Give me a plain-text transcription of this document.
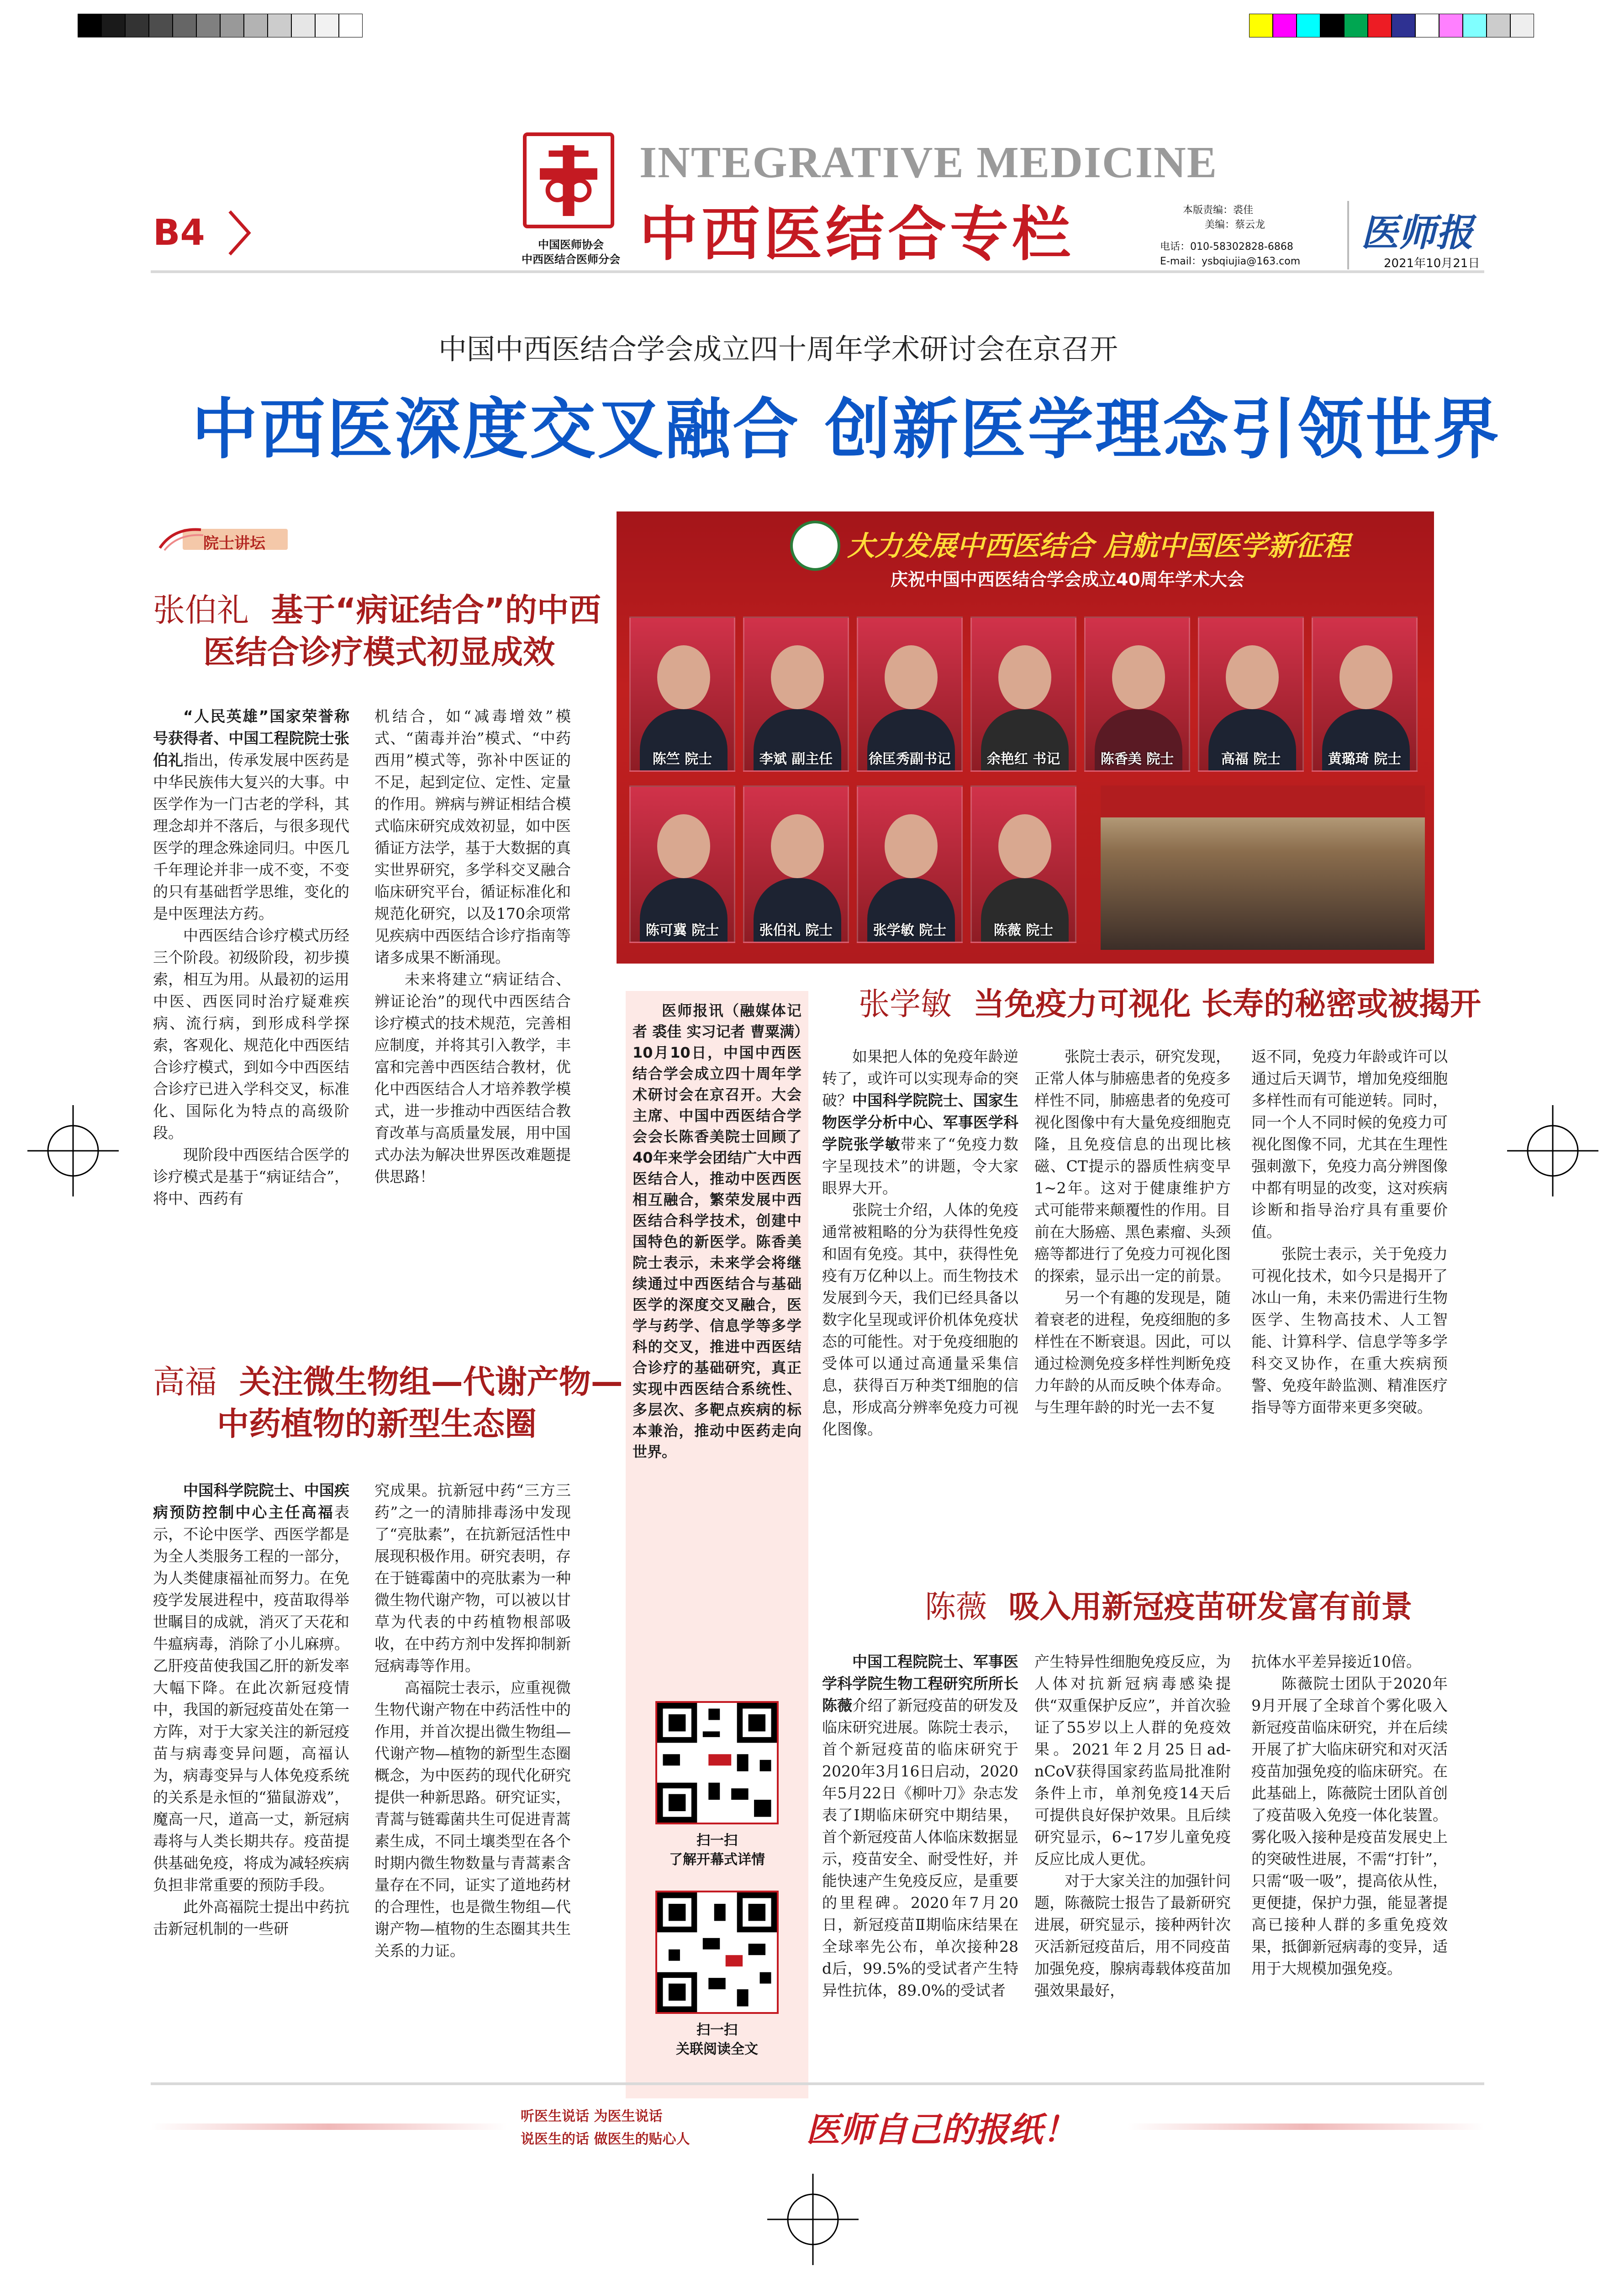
B4	中国医师协会
中西医结合医师分会
INTEGRATIVE MEDICINE
中西医结合专栏	本版责编：裘佳
美编：蔡云龙
电话：010-58302828-6868
E-mail：ysbqiujia@163.com
医师报
2021年10月21日
中国中西医结合学会成立四十周年学术研讨会在京召开
中西医深度交叉融合 创新医学理念引领世界
院士讲坛
张伯礼 基于“病证结合”的中西
医结合诊疗模式初显成效

“人民英雄”国家荣誉称号获得者、中国工程院院士张伯礼指出，传承发展中医药是中华民族伟大复兴的大事。中医学作为一门古老的学科，其理念却并不落后，与很多现代医学的理念殊途同归。中医几千年理论并非一成不变，不变的只有基础哲学思维，变化的是中医理法方药。

中西医结合诊疗模式历经三个阶段。初级阶段，初步摸索，相互为用。从最初的运用中医、西医同时治疗疑难疾病、流行病，到形成科学探索，客观化、规范化中西医结合诊疗模式，到如今中西医结合诊疗已进入学科交叉，标准化、国际化为特点的高级阶段。

现阶段中西医结合医学的诊疗模式是基于“病证结合”，将中、西药有

机结合，如“减毒增效”模式、“菌毒并治”模式、“中药西用”模式等，弥补中医证的不足，起到定位、定性、定量的作用。辨病与辨证相结合模式临床研究成效初显，如中医循证方法学，基于大数据的真实世界研究，多学科交叉融合临床研究平台，循证标准化和规范化研究，以及170余项常见疾病中西医结合诊疗指南等诸多成果不断涌现。

未来将建立“病证结合、辨证论治”的现代中西医结合诊疗模式的技术规范，完善相应制度，并将其引入教学，丰富和完善中西医结合教材，优化中西医结合人才培养教学模式，进一步推动中西医结合教育改革与高质量发展，用中国式办法为解决世界医改难题提供思路！

高福 关注微生物组—代谢产物—
中药植物的新型生态圈

中国科学院院士、中国疾病预防控制中心主任高福表示，不论中医学、西医学都是为全人类服务工程的一部分，为人类健康福祉而努力。在免疫学发展进程中，疫苗取得举世瞩目的成就，消灭了天花和牛瘟病毒，消除了小儿麻痹。乙肝疫苗使我国乙肝的新发率大幅下降。在此次新冠疫情中，我国的新冠疫苗处在第一方阵，对于大家关注的新冠疫苗与病毒变异问题，高福认为，病毒变异与人体免疫系统的关系是永恒的“猫鼠游戏”，魔高一尺，道高一丈，新冠病毒将与人类长期共存。疫苗提供基础免疫，将成为减轻疾病负担非常重要的预防手段。

此外高福院士提出中药抗击新冠机制的一些研

究成果。抗新冠中药“三方三药”之一的清肺排毒汤中发现了“亮肽素”，在抗新冠活性中展现积极作用。研究表明，存在于链霉菌中的亮肽素为一种微生物代谢产物，可以被以甘草为代表的中药植物根部吸收，在中药方剂中发挥抑制新冠病毒等作用。

高福院士表示，应重视微生物代谢产物在中药活性中的作用，并首次提出微生物组—代谢产物—植物的新型生态圈概念，为中医药的现代化研究提供一种新思路。研究证实，青蒿与链霉菌共生可促进青蒿素生成，不同土壤类型在各个时期内微生物数量与青蒿素含量存在不同，证实了道地药材的合理性，也是微生物组—代谢产物—植物的生态圈其共生关系的力证。

大力发展中西医结合 启航中国医学新征程
庆祝中国中西医结合学会成立40周年学术大会
陈竺 院士	李斌 副主任	徐匡秀副书记	余艳红 书记	陈香美 院士	高福 院士	黄璐琦 院士
陈可冀 院士	张伯礼 院士	张学敏 院士	陈薇 院士
医师报讯（融媒体记者 裘佳 实习记者 曹粟满）10月10日，中国中西医结合学会成立四十周年学术研讨会在京召开。大会主席、中国中西医结合学会会长陈香美院士回顾了40年来学会团结广大中西医结合人，推动中医西医相互融合，繁荣发展中西医结合科学技术，创建中国特色的新医学。陈香美院士表示，未来学会将继续通过中西医结合与基础医学的深度交叉融合，医学与药学、信息学等多学科的交叉，推进中西医结合诊疗的基础研究，真正实现中西医结合系统性、多层次、多靶点疾病的标本兼治，推动中医药走向世界。
扫一扫
了解开幕式详情
扫一扫
关联阅读全文
张学敏 当免疫力可视化 长寿的秘密或被揭开

如果把人体的免疫年龄逆转了，或许可以实现寿命的突破？中国科学院院士、国家生物医学分析中心、军事医学科学院张学敏带来了“免疫力数字呈现技术”的讲题，令大家眼界大开。

张院士介绍，人体的免疫通常被粗略的分为获得性免疫和固有免疫。其中，获得性免疫有万亿种以上。而生物技术发展到今天，我们已经具备以数字化呈现或评价机体免疫状态的可能性。对于免疫细胞的受体可以通过高通量采集信息，获得百万种类T细胞的信息，形成高分辨率免疫力可视化图像。

张院士表示，研究发现，正常人体与肺癌患者的免疫多样性不同，肺癌患者的免疫可视化图像中有大量免疫细胞克隆，且免疫信息的出现比核磁、CT提示的器质性病变早1~2年。这对于健康维护方式可能带来颠覆性的作用。目前在大肠癌、黑色素瘤、头颈癌等都进行了免疫力可视化图的探索，显示出一定的前景。

另一个有趣的发现是，随着衰老的进程，免疫细胞的多样性在不断衰退。因此，可以通过检测免疫多样性判断免疫力年龄的从而反映个体寿命。与生理年龄的时光一去不复

返不同，免疫力年龄或许可以通过后天调节，增加免疫细胞多样性而有可能逆转。同时，同一个人不同时候的免疫力可视化图像不同，尤其在生理性强刺激下，免疫力高分辨图像中都有明显的改变，这对疾病诊断和指导治疗具有重要价值。

张院士表示，关于免疫力可视化技术，如今只是揭开了冰山一角，未来仍需进行生物医学、生物高技术、人工智能、计算科学、信息学等多学科交叉协作，在重大疾病预警、免疫年龄监测、精准医疗指导等方面带来更多突破。

陈薇 吸入用新冠疫苗研发富有前景

中国工程院院士、军事医学科学院生物工程研究所所长陈薇介绍了新冠疫苗的研发及临床研究进展。陈院士表示，首个新冠疫苗的临床研究于2020年3月16日启动，2020年5月22日《柳叶刀》杂志发表了Ⅰ期临床研究中期结果，首个新冠疫苗人体临床数据显示，疫苗安全、耐受性好，并能快速产生免疫反应，是重要的里程碑。2020年7月20日，新冠疫苗Ⅱ期临床结果在全球率先公布，单次接种28 d后，99.5%的受试者产生特异性抗体，89.0%的受试者

产生特异性细胞免疫反应，为人体对抗新冠病毒感染提供“双重保护反应”，并首次验证了55岁以上人群的免疫效果。2021年2月25日ad-nCoV获得国家药监局批准附条件上市，单剂免疫14天后可提供良好保护效果。且后续研究显示，6~17岁儿童免疫反应比成人更优。

对于大家关注的加强针问题，陈薇院士报告了最新研究进展，研究显示，接种两针次灭活新冠疫苗后，用不同疫苗加强免疫，腺病毒载体疫苗加强效果最好，

抗体水平差异接近10倍。

陈薇院士团队于2020年9月开展了全球首个雾化吸入新冠疫苗临床研究，并在后续开展了扩大临床研究和对灭活疫苗加强免疫的临床研究。在此基础上，陈薇院士团队首创了疫苗吸入免疫一体化装置。雾化吸入接种是疫苗发展史上的突破性进展，不需“打针”，只需“吸一吸”，提高依从性，更便捷，保护力强，能显著提高已接种人群的多重免疫效果，抵御新冠病毒的变异，适用于大规模加强免疫。

听医生说话 为医生说话
说医生的话 做医生的贴心人	医师自己的报纸！
